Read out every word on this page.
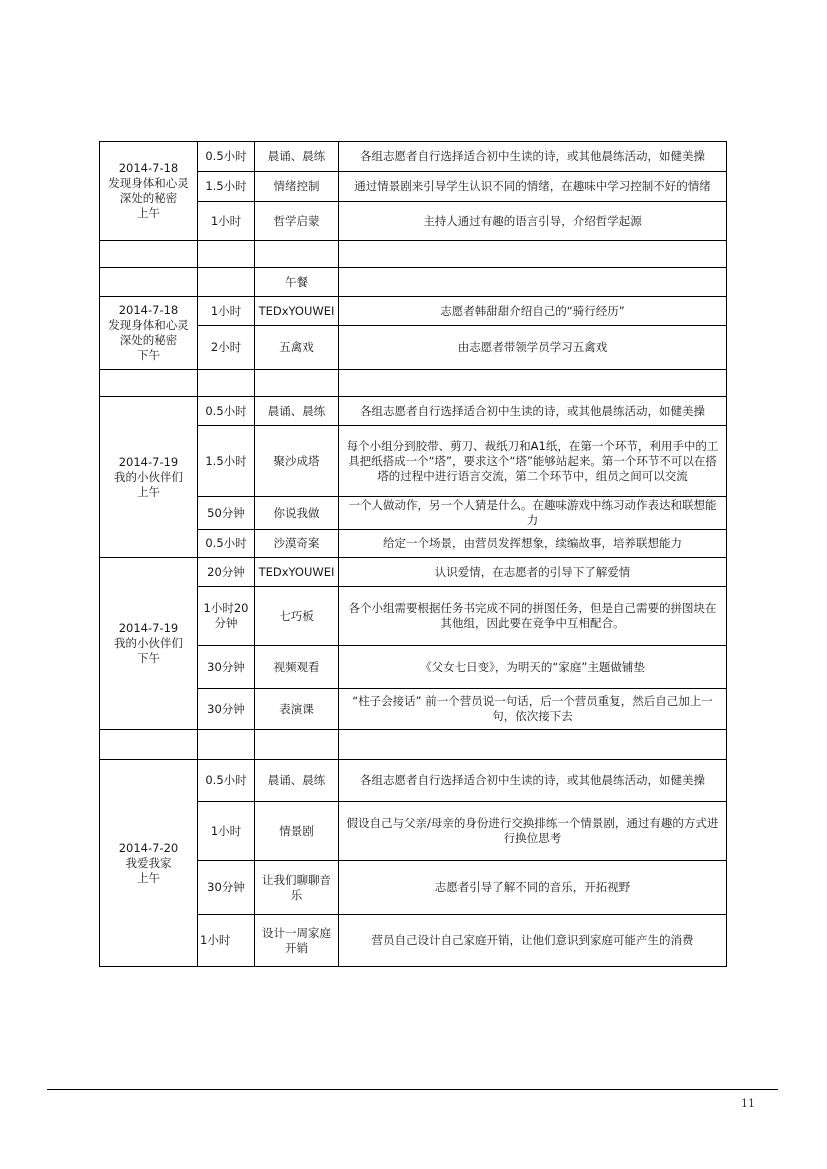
2014-7-18
发现身体和心灵深处的秘密
上午	0.5小时	晨诵、晨练	各组志愿者自行选择适合初中生读的诗，或其他晨练活动，如健美操
	1.5小时	情绪控制	通过情景剧来引导学生认识不同的情绪，在趣味中学习控制不好的情绪
	1小时	哲学启蒙	主持人通过有趣的语言引导，介绍哲学起源

		午餐	

2014-7-18
发现身体和心灵深处的秘密
下午	1小时	TEDxYOUWEI	志愿者韩甜甜介绍自己的“骑行经历”
	2小时	五禽戏	由志愿者带领学员学习五禽戏

2014-7-19
我的小伙伴们
上午	0.5小时	晨诵、晨练	各组志愿者自行选择适合初中生读的诗，或其他晨练活动，如健美操
	1.5小时	聚沙成塔	每个小组分到胶带、剪刀、裁纸刀和A1纸，在第一个环节，利用手中的工具把纸搭成一个“塔”，要求这个“塔”能够站起来。第一个环节不可以在搭塔的过程中进行语言交流，第二个环节中，组员之间可以交流
	50分钟	你说我做	一个人做动作，另一个人猜是什么。在趣味游戏中练习动作表达和联想能力
	0.5小时	沙漠奇案	给定一个场景，由营员发挥想象，续编故事，培养联想能力

2014-7-19
我的小伙伴们
下午	20分钟	TEDxYOUWEI	认识爱情，在志愿者的引导下了解爱情
	1小时20分钟	七巧板	各个小组需要根据任务书完成不同的拼图任务，但是自己需要的拼图块在其他组，因此要在竞争中互相配合。
	30分钟	视频观看	《父女七日变》，为明天的“家庭”主题做铺垫
	30分钟	表演课	“柱子会接话” 前一个营员说一句话，后一个营员重复，然后自己加上一句，依次接下去

2014-7-20
我爱我家
上午	0.5小时	晨诵、晨练	各组志愿者自行选择适合初中生读的诗，或其他晨练活动，如健美操
	1小时	情景剧	假设自己与父亲/母亲的身份进行交换排练一个情景剧，通过有趣的方式进行换位思考
	30分钟	让我们聊聊音乐	志愿者引导了解不同的音乐，开拓视野
	1小时	设计一周家庭开销	营员自己设计自己家庭开销，让他们意识到家庭可能产生的消费
11
